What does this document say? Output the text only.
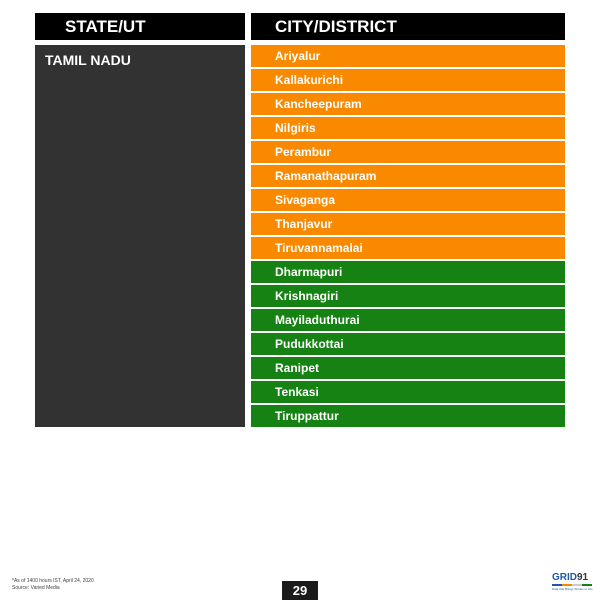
STATE/UT	CITY/DISTRICT
TAMIL NADU	Ariyalur
Kallakurichi
Kancheepuram
Nilgiris
Perambur
Ramanathapuram
Sivaganga
Thanjavur
Tiruvannamalai
Dharmapuri
Krishnagiri
Mayiladuthurai
Pudukkottai
Ranipet
Tenkasi
Tiruppattur
*As of 1400 hours IST, April 24, 2020
Source: Varied Media	29
GRID91
Data that Brings Stories to Life
